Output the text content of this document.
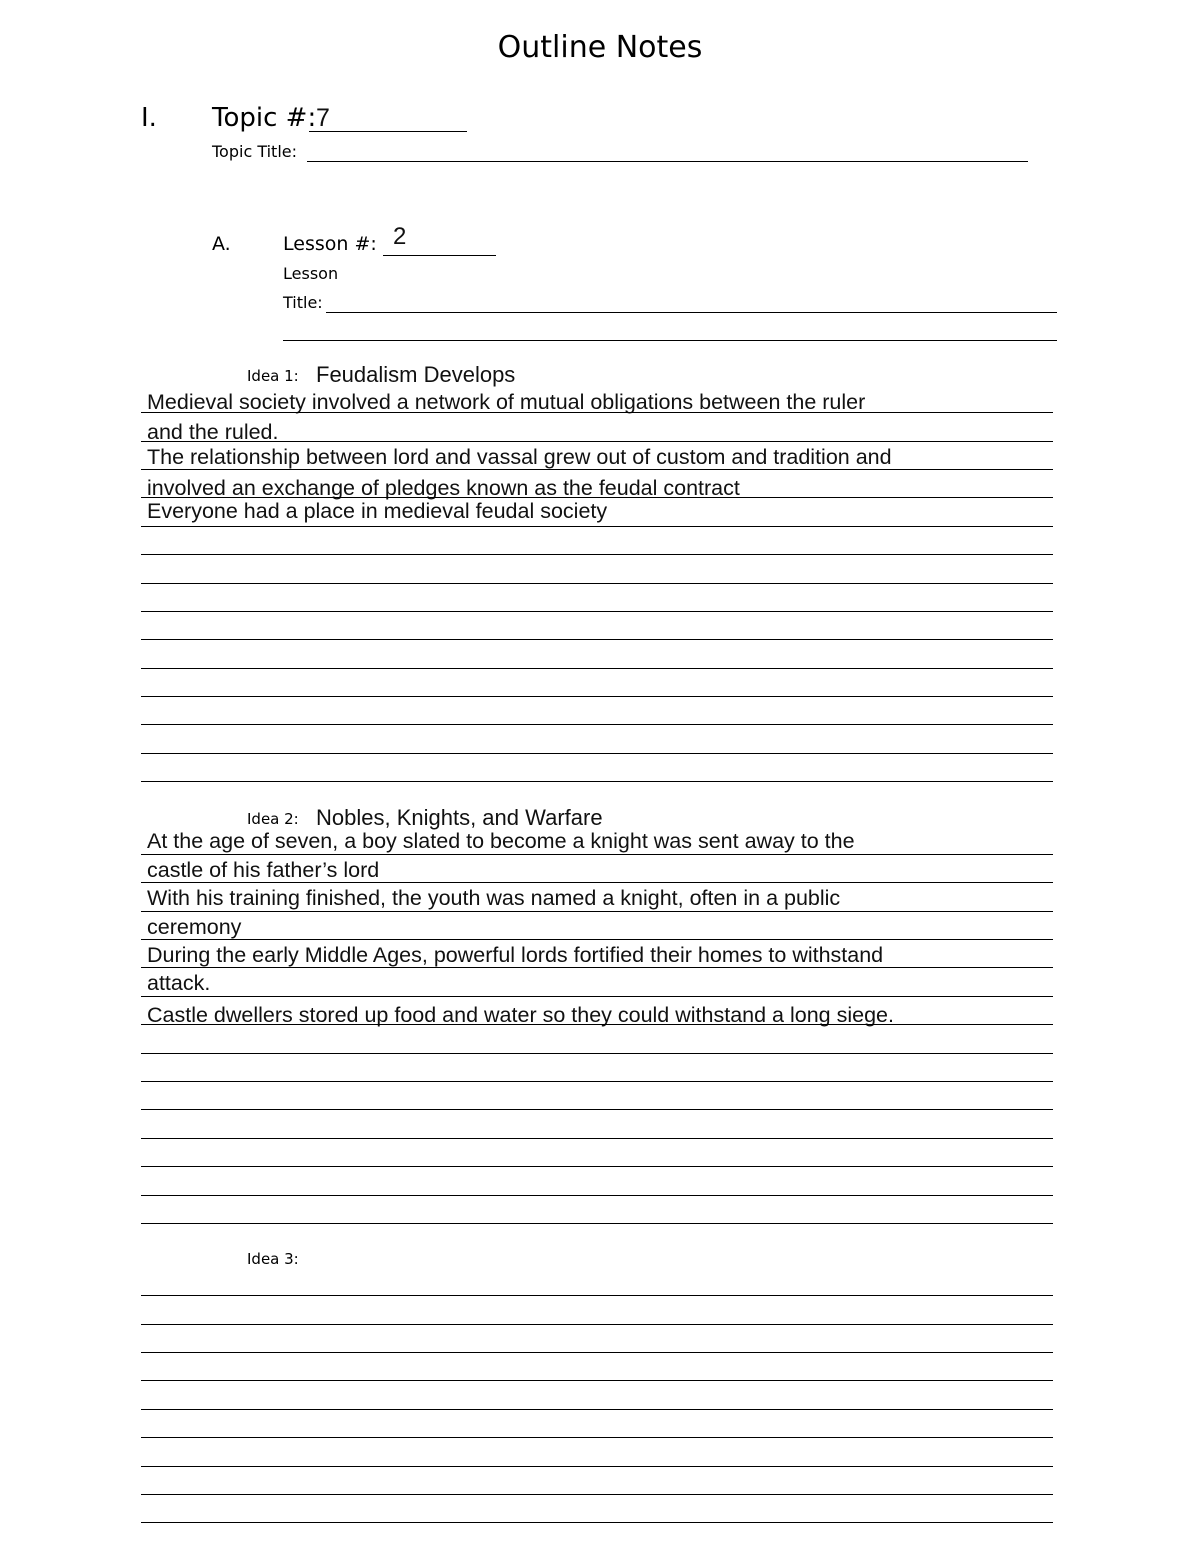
Outline Notes
I. Topic #: 7
Topic Title:
A.	Lesson #: 2
Lesson
Title:
Idea 1: Feudalism Develops
Medieval society involved a network of mutual obligations between the ruler
and the ruled.
The relationship between lord and vassal grew out of custom and tradition and
involved an exchange of pledges known as the feudal contract
Everyone had a place in medieval feudal society
Idea 2: Nobles, Knights, and Warfare
At the age of seven, a boy slated to become a knight was sent away to the
castle of his father’s lord
With his training finished, the youth was named a knight, often in a public
ceremony
During the early Middle Ages, powerful lords fortified their homes to withstand
attack.
Castle dwellers stored up food and water so they could withstand a long siege.
Idea 3:
